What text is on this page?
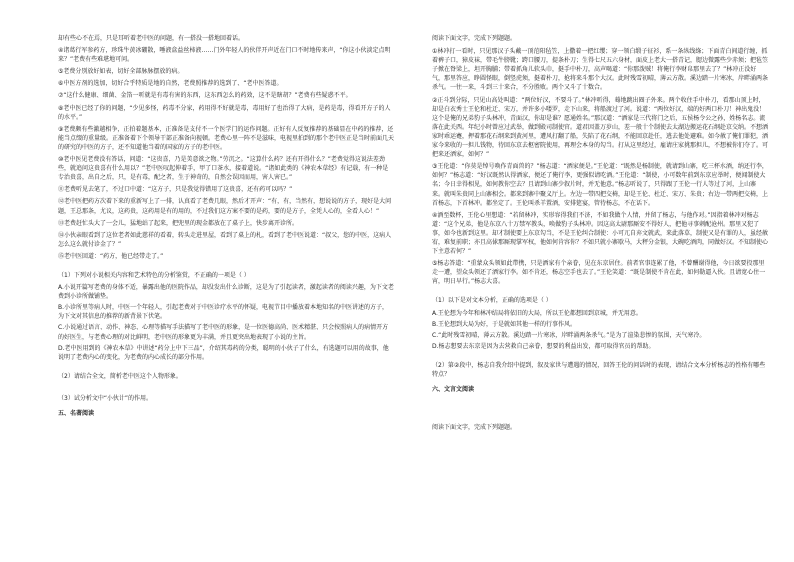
却有些心不在焉，只是耳听着老中医的问题，有一搭没一搭地回着话。

④诸葛行军参药方，珍珠牛黄冰硼散，唾液盒益丝柿液……门外年轻人的伙伴开声近在门口不时地传来声，“你这小伙淡定点明来？”老费有些难堪地可问。

⑤老费分别放好如表，切好全部脉脉摆放的病。

⑥中医方剂的选加，切好合乎特质是地的自然，老费照推荐的选到了、“老中医答道。

⑦“这什么健康、细菌、金箔一听就是有毒有害的东西，这东西怎么的药效，这不是瞎胡？”老费有些疑惑不平。

⑧老中医已经了你的问题，“少见多怪，药毒不分家，药用得不好就是毒，毒用好了也治得了大病，是药是毒，得看开方子的人的水平。”

⑨老费颇有些激越相争，正拍着题基本，正准备是支付不一个医学门的运作问题。正好有人反复推荐的基础显在中药的推荐，还能当点缀的重量级。正准备着下个领导干部正准备向视顿。老费心里一阵不是滋味，电视里拍到的那个老中医正是当时前面几天的研究的中医的方子，还不知道他当着的国家的方子的老中医。

⑩老中医见老费没有答话，问道：“这贵喜，乃是美意欲之物。”劳沉之。“这算什么药？还有开得什么？”老费觉得这说法差劲些，就追问这贵喜有什么用以？”老中医叹起伸着手，甲了口茶水，接着道说。“诸如此类的《神农本草经》有记载，有一种是专治贵喜，出自之后，只，是有毒，配之者，生于神奇的，自然会误因而用，害人害已。”

⑪老费听见去笔了，不过口中道：“这方子，只是我觉得错用了这贵喜，还有药可以吗？”

⑫老中医把药方次着下来的重新写上了一排，认真看了老费几眼，然后才开声：“有，有，当然有，想说说的方子，现好是大问题，王总那条，尤议，这药贵，这药用是有的用的，不过我们这方案不要的是药，要的是方子，全凭人心的，全看人心！”

⑬老费赶忙头大了一会儿，猛地站了起来，把兜里的现金都放在了桌子上，快步离开诊所。

⑭小伙亲眼看到了这位老者如此慈祥的看着，转头走进里屋，看到了桌上的札，看到了老中医说道：“叔父，您的中医，这病人怎么这么就付诊金了？”

⑮老中医回道：“药方，他已经带走了。”

（1）下列对小说相关内容和艺术特色的分析鉴赏，不正确的一项是（ ）

A.小说开篇写老费的身体不适，暴露出他的医院作品，却没发出什么诊断，这是为了引起读者，激起读者的阅读兴趣，为下文老费到小诊所做铺垫。

B.小诊所里等病人时，中医一个年轻人，引起老费对于中医诊疗水平的怀疑，电视节目中播放着本地知名的中医讲述的方子，为下文对其信息的推荐的新背景下伏笔。

C.小说通过语言、动作、神态、心理等描写手法描写了老中医的形象，是一位医德高尚、医术精湛、只会按照病人的病情开方的好医生，与老费心理的对比鲜明，老中医的形象更为丰满，并且更突出地表现了小说的主旨。

D.老中医用到的《神农本草》中讲述“药分上中下三品”，介绍其毒药的分类，聪明的小伙子了什么，有选题可以用的故事，他说明了老费内心的变化，为老费的内心成长的部分作用。

（2）请结合全文，简析老中医这个人物形象。

（3）试分析文中“小伙计”的作用。

五、名著阅读

阅读下面文字，完成下列题题。

①林冲打一看时，只见那汉子头戴一顶范阳毡笠，上撒着一把红缨；穿一领白缎子征衫，系一条纵线绦；下面青白间道行缠，抓着裤子口，獐皮袜，带毛牛膀靴；跨口腰刀，提条朴刀；生得七尺五六身材，面皮上老大一搭青记，腮边微露些少赤须；把毡笠子掀在脊梁上，坦开胸脯；带着抓角儿软头巾，挺手中朴刀，高声喝道：“你那泼贼！将俺行李财帛那里去了？”林冲正没好气，那里答应，睁圆怪眼，倒竖虎须，挺着朴刀，抢将来斗那个大汉。此时残雪初晴，薄云方散。溪边踏一片寒冰，岸畔涌两条杀气。一往一来，斗到三十来合，不分胜败。两个又斗了十数合。

②正斗到分际，只见山高处叫道：“两位好汉，不要斗了。”林冲听得，蓦地跳出圈子外来。两个收住手中朴刀，看那山顶上时，却是白衣秀士王伦和杜迁、宋万，并许多小喽罗，走下山来，将船渡过了河。说道：“两位好汉，端的好两口朴刀！神出鬼没！这个是俺的兄弟豹子头林冲，青面汉，你却是谁？愿通姓名。”那汉道：“洒家是三代将门之后，五侯杨令公之孙，姓杨名志。流落在此关西。年纪小时曾应过武举，做到殿司制使官。道君因盖万岁山，差一般十个制使去太湖边搬运花石纲赴京交纳。不想洒家时乖运蹇，押着那花石纲来到黄河里，遭风打翻了船，失陷了花石纲，不能回京赴任，逃去他处避难。如今赦了俺们罪犯，洒家今来收的一担儿钱物，待回东京去枢密院使用，再理会本身的勾当。打从这里经过，雇请庄家挑那担儿，不想被你们夺了。可把来还洒家，如何？”

③王伦道：“你莫是绰号唤作青面兽的？”杨志道：“洒家便是。”王伦道：“既然是杨制使，就请到山寨，吃三杯水酒，纳还行李，如何？”杨志道：“好汉既然认得洒家，便还了俺行李，更强似请吃酒。”王伦道：“制使，小可数年前到东京应举时，便闻制使大名；今日幸得相见，如何教你空去？且请到山寨少叙片时，并无他意。”杨志听说了，只得跟了王伦一行人等过了河，上山寨来。就叫朱贵同上山寨相会。都来到寨中聚义厅上。左边一带四把交椅，却是王伦、杜迁、宋万、朱贵；右边一带两把交椅，上首杨志，下首林冲。都坐定了。王伦叫杀羊置酒，安排筵宴，管待杨志，不在话下。

④酒至数杯，王伦心里想道：“若留林冲，实形容得我们不济，不如我做个人情，并留了杨志，与他作对。”因指着林冲对杨志道：“这个兄弟，他是东京八十万禁军教头，唤做豹子头林冲。因这高太尉那厮安不得好人，把他寻事刺配沧州。那里又犯了事，如今也新到这里。却才制使要上东京勾当，不是王伦纠合制使：小可兀自弃文就武，来此落草，制使又是有罪的人，虽经赦宥，难复前职；亦且高俅那厮现掌军权，他如何肯容你？不如只就小寨歇马，大秤分金银，大碗吃酒肉，同做好汉。不知制使心下主意若何？”

⑤杨志答道：“重蒙众头领如此带携，只是洒家有个亲眷，见在东京居住。前者官事连累了他，不曾酬谢得他，今日欲要投那里走一遭，望众头领还了洒家行李。如不肯还，杨志空手也去了。”王伦笑道：“既是制使不肯在此，如何勒逼入伙。且请宽心住一宵，明日早行。”杨志大喜。

（1）以下是对文本分析，正确的选项是（ ）

A.王伦想为今年和林冲结局将依旧的大局，所以王伦都想回到京城，并无用意。

B.王伦想到大局为好，于是就如其他一样的行事作风。

C.“此时残雪初晴，薄云方散。溪边踏一片寒冰，岸畔涌两条杀气。”是为了渲染悲惨的氛围，天气寒冷。

D.杨志想要去东京是因为去营救自己亲眷，想要的利益出发，都可取得官员的帮助。

（2）第②段中，杨志自我介绍中提到，叙及家世与遭遇的情况，回答王伦的问话时的表现，请结合文本分析杨志的性格有哪些特点？

六、文言文阅读

阅读下面文字，完成下列题题。
